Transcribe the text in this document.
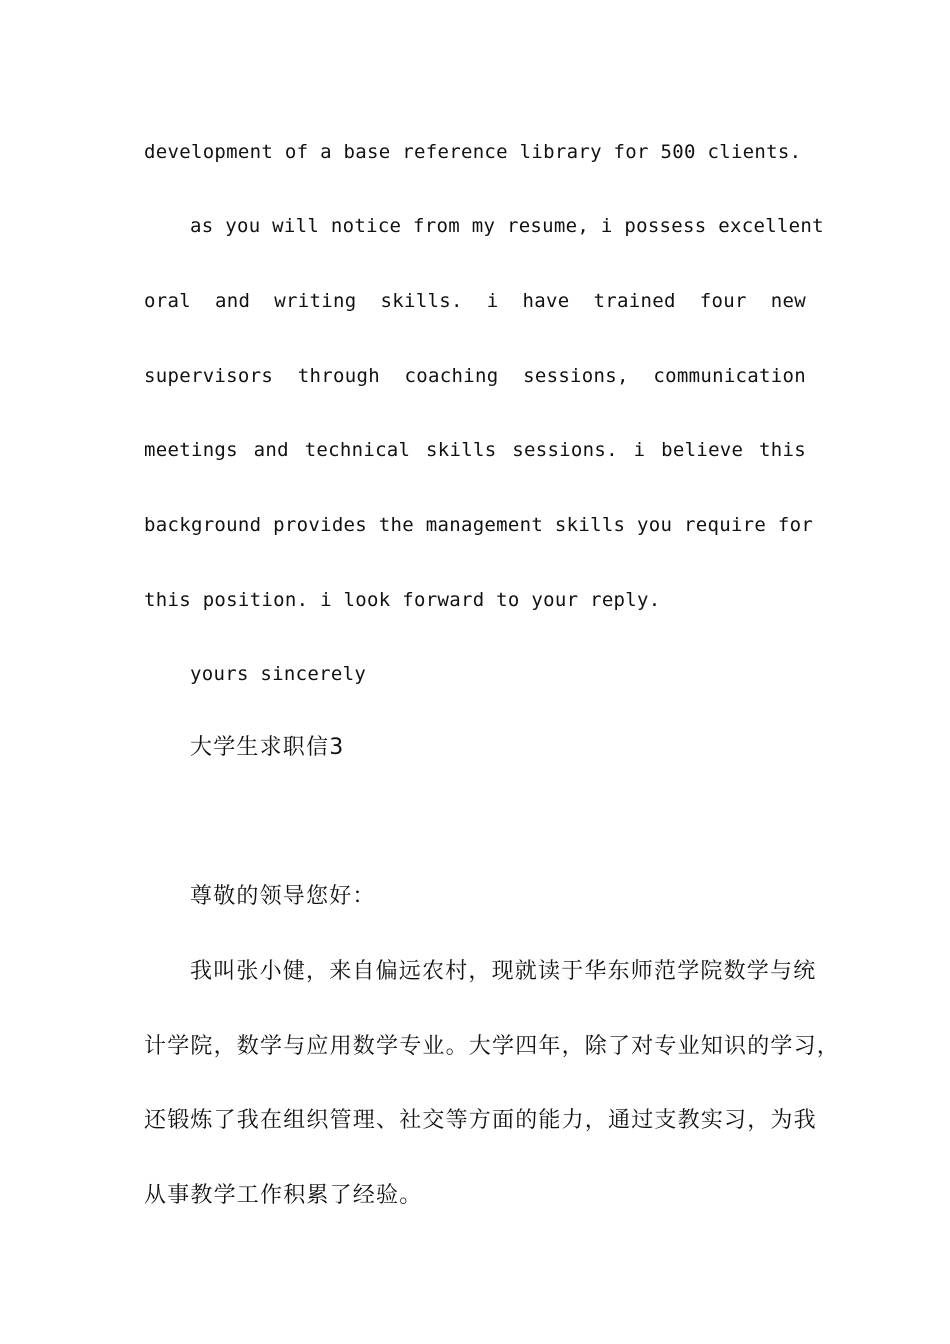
development of a base reference library for 500 clients.

as you will notice from my resume, i possess excellent

oral and writing skills. i have trained four new

supervisors through coaching sessions, communication

meetings and technical skills sessions. i believe this

background provides the management skills you require for

this position. i look forward to your reply.

yours sincerely

大学生求职信3

尊敬的领导您好：

我叫张小健，来自偏远农村，现就读于华东师范学院数学与统

计学院，数学与应用数学专业。大学四年，除了对专业知识的学习，

还锻炼了我在组织管理、社交等方面的能力，通过支教实习，为我

从事教学工作积累了经验。
